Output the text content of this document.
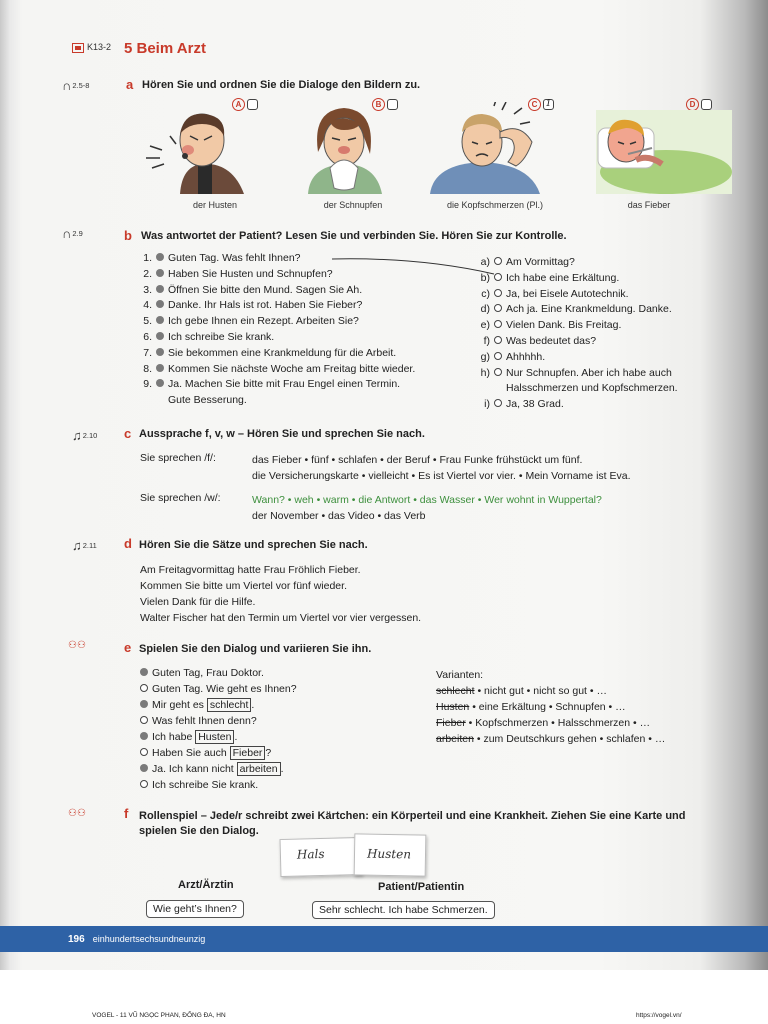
K13-2 5 Beim Arzt
∩2.5-8	a Hören Sie und ordnen Sie die Dialoge den Bildern zu.
A
der Husten
B
der Schnupfen
C 1
die Kopfschmerzen (Pl.)
D
das Fieber
∩2.9	b Was antwortet der Patient? Lesen Sie und verbinden Sie. Hören Sie zur Kontrolle.
1. Guten Tag. Was fehlt Ihnen?
2. Haben Sie Husten und Schnupfen?
3. Öffnen Sie bitte den Mund. Sagen Sie Ah.
4. Danke. Ihr Hals ist rot. Haben Sie Fieber?
5. Ich gebe Ihnen ein Rezept. Arbeiten Sie?
6. Ich schreibe Sie krank.
7. Sie bekommen eine Krankmeldung für die Arbeit.
8. Kommen Sie nächste Woche am Freitag bitte wieder.
9. Ja. Machen Sie bitte mit Frau Engel einen Termin.
Gute Besserung.
a) Am Vormittag?
b) Ich habe eine Erkältung.
c) Ja, bei Eisele Autotechnik.
d) Ach ja. Eine Krankmeldung. Danke.
e) Vielen Dank. Bis Freitag.
f) Was bedeutet das?
g) Ahhhhh.
h) Nur Schnupfen. Aber ich habe auch
Halsschmerzen und Kopfschmerzen.
i) Ja, 38 Grad.
♫2.10 c Aussprache f, v, w – Hören Sie und sprechen Sie nach.
Sie sprechen /f/:	das Fieber • fünf • schlafen • der Beruf • Frau Funke frühstückt um fünf.
die Versicherungskarte • vielleicht • Es ist Viertel vor vier. • Mein Vorname ist Eva.
Sie sprechen /w/:	Wann? • weh • warm • die Antwort • das Wasser • Wer wohnt in Wuppertal?
der November • das Video • das Verb
♫2.11 d Hören Sie die Sätze und sprechen Sie nach.
Am Freitagvormittag hatte Frau Fröhlich Fieber.
Kommen Sie bitte um Viertel vor fünf wieder.
Vielen Dank für die Hilfe.
Walter Fischer hat den Termin um Viertel vor vier vergessen.
⚇⚇	e Spielen Sie den Dialog und variieren Sie ihn.
Guten Tag, Frau Doktor.
Guten Tag. Wie geht es Ihnen?
Mir geht es schlecht .
Was fehlt Ihnen denn?
Ich habe Husten .
Haben Sie auch Fieber ?
Ja. Ich kann nicht arbeiten .
Ich schreibe Sie krank.
Varianten:
schlecht • nicht gut • nicht so gut • …
Husten • eine Erkältung • Schnupfen • …
Fieber • Kopfschmerzen • Halsschmerzen • …
arbeiten • zum Deutschkurs gehen • schlafen • …
⚇⚇	f Rollenspiel – Jede/r schreibt zwei Kärtchen: ein Körperteil und eine Krankheit. Ziehen Sie eine Karte und
spielen Sie den Dialog.
Hals	Husten
Arzt/Ärztin	Patient/Patientin
Wie geht’s Ihnen?	Sehr schlecht. Ich habe Schmerzen.
196 einhundertsechsundneunzig
VOGEL - 11 VŨ NGỌC PHAN, ĐỐNG ĐA, HN	https://vogel.vn/
